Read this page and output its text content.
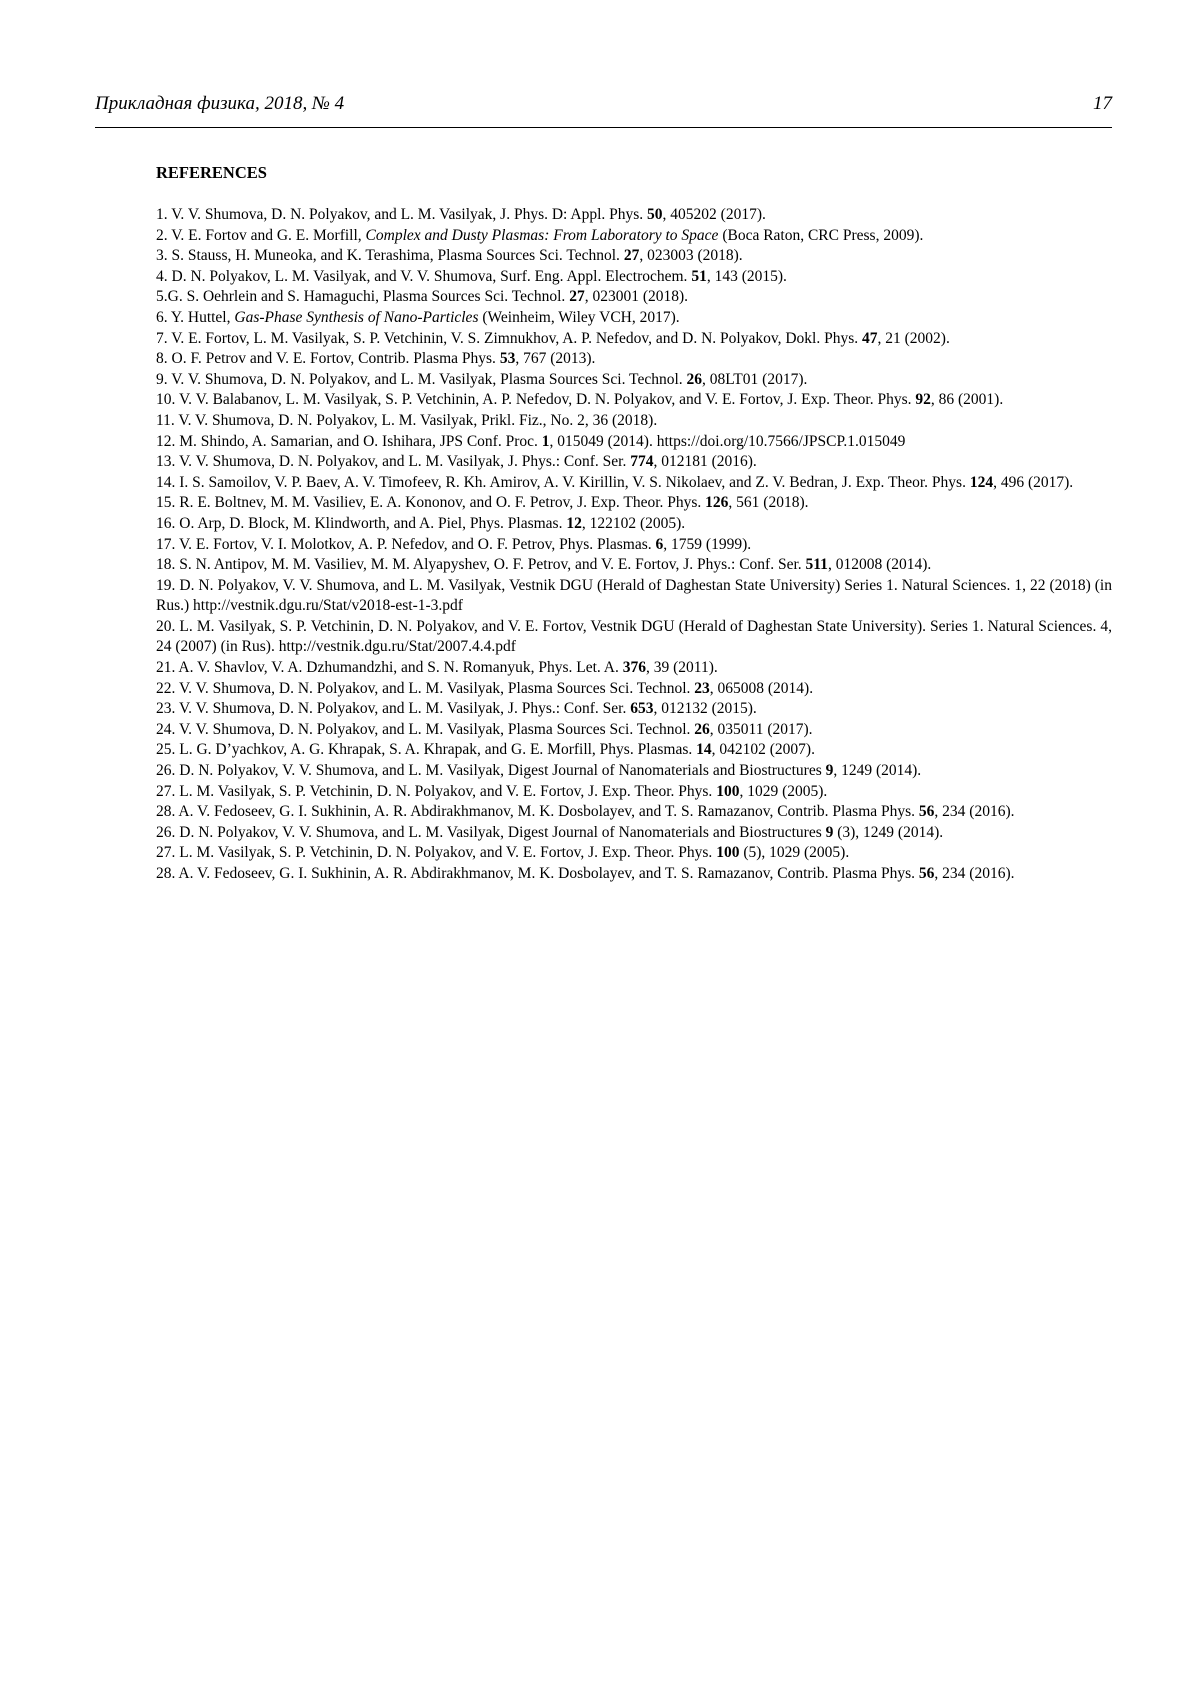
Прикладная физика, 2018, № 4	17
REFERENCES
1. V. V. Shumova, D. N. Polyakov, and L. M. Vasilyak, J. Phys. D: Appl. Phys. 50, 405202 (2017).
2. V. E. Fortov and G. E. Morfill, Complex and Dusty Plasmas: From Laboratory to Space (Boca Raton, CRC Press, 2009).
3. S. Stauss, H. Muneoka, and K. Terashima, Plasma Sources Sci. Technol. 27, 023003 (2018).
4. D. N. Polyakov, L. M. Vasilyak, and V. V. Shumova, Surf. Eng. Appl. Electrochem. 51, 143 (2015).
5.G. S. Oehrlein and S. Hamaguchi, Plasma Sources Sci. Technol. 27, 023001 (2018).
6. Y. Huttel, Gas-Phase Synthesis of Nano-Particles (Weinheim, Wiley VCH, 2017).
7. V. E. Fortov, L. M. Vasilyak, S. P. Vetchinin, V. S. Zimnukhov, A. P. Nefedov, and D. N. Polyakov, Dokl. Phys. 47, 21 (2002).
8. O. F. Petrov and V. E. Fortov, Contrib. Plasma Phys. 53, 767 (2013).
9. V. V. Shumova, D. N. Polyakov, and L. M. Vasilyak, Plasma Sources Sci. Technol. 26, 08LT01 (2017).
10. V. V. Balabanov, L. M. Vasilyak, S. P. Vetchinin, A. P. Nefedov, D. N. Polyakov, and V. E. Fortov, J. Exp. Theor. Phys. 92, 86 (2001).
11. V. V. Shumova, D. N. Polyakov, L. M. Vasilyak, Prikl. Fiz., No. 2, 36 (2018).
12. M. Shindo, A. Samarian, and O. Ishihara, JPS Conf. Proc. 1, 015049 (2014). https://doi.org/10.7566/JPSCP.1.015049
13. V. V. Shumova, D. N. Polyakov, and L. M. Vasilyak, J. Phys.: Conf. Ser. 774, 012181 (2016).
14. I. S. Samoilov, V. P. Baev, A. V. Timofeev, R. Kh. Amirov, A. V. Kirillin, V. S. Nikolaev, and Z. V. Bedran, J. Exp. Theor. Phys. 124, 496 (2017).
15. R. E. Boltnev, M. M. Vasiliev, E. A. Kononov, and O. F. Petrov, J. Exp. Theor. Phys. 126, 561 (2018).
16. O. Arp, D. Block, M. Klindworth, and A. Piel, Phys. Plasmas. 12, 122102 (2005).
17. V. E. Fortov, V. I. Molotkov, A. P. Nefedov, and O. F. Petrov, Phys. Plasmas. 6, 1759 (1999).
18. S. N. Antipov, M. M. Vasiliev, M. M. Alyapyshev, O. F. Petrov, and V. E. Fortov, J. Phys.: Conf. Ser. 511, 012008 (2014).
19. D. N. Polyakov, V. V. Shumova, and L. M. Vasilyak, Vestnik DGU (Herald of Daghestan State University) Series 1. Natural Sciences. 1, 22 (2018) (in Rus.) http://vestnik.dgu.ru/Stat/v2018-est-1-3.pdf
20. L. M. Vasilyak, S. P. Vetchinin, D. N. Polyakov, and V. E. Fortov, Vestnik DGU (Herald of Daghestan State University). Se­ries 1. Natural Sciences. 4, 24 (2007) (in Rus). http://vestnik.dgu.ru/Stat/2007.4.4.pdf
21. A. V. Shavlov, V. A. Dzhumandzhi, and S. N. Romanyuk, Phys. Let. A. 376, 39 (2011).
22. V. V. Shumova, D. N. Polyakov, and L. M. Vasilyak, Plasma Sources Sci. Technol. 23, 065008 (2014).
23. V. V. Shumova, D. N. Polyakov, and L. M. Vasilyak, J. Phys.: Conf. Ser. 653, 012132 (2015).
24. V. V. Shumova, D. N. Polyakov, and L. M. Vasilyak, Plasma Sources Sci. Technol. 26, 035011 (2017).
25. L. G. D’yachkov, A. G. Khrapak, S. A. Khrapak, and G. E. Morfill, Phys. Plasmas. 14, 042102 (2007).
26. D. N. Polyakov, V. V. Shumova, and L. M. Vasilyak, Digest Journal of Nanomaterials and Biostructures 9, 1249 (2014).
27. L. M. Vasilyak, S. P. Vetchinin, D. N. Polyakov, and V. E. Fortov, J. Exp. Theor. Phys. 100, 1029 (2005).
28. A. V. Fedoseev, G. I. Sukhinin, A. R. Abdirakhmanov, M. K. Dosbolayev, and T. S. Ramazanov, Contrib. Plasma Phys. 56, 234 (2016).
26. D. N. Polyakov, V. V. Shumova, and L. M. Vasilyak, Digest Journal of Nanomaterials and Biostructures 9 (3), 1249 (2014).
27. L. M. Vasilyak, S. P. Vetchinin, D. N. Polyakov, and V. E. Fortov, J. Exp. Theor. Phys. 100 (5), 1029 (2005).
28. A. V. Fedoseev, G. I. Sukhinin, A. R. Abdirakhmanov, M. K. Dosbolayev, and T. S. Ramazanov, Contrib. Plasma Phys. 56, 234 (2016).
